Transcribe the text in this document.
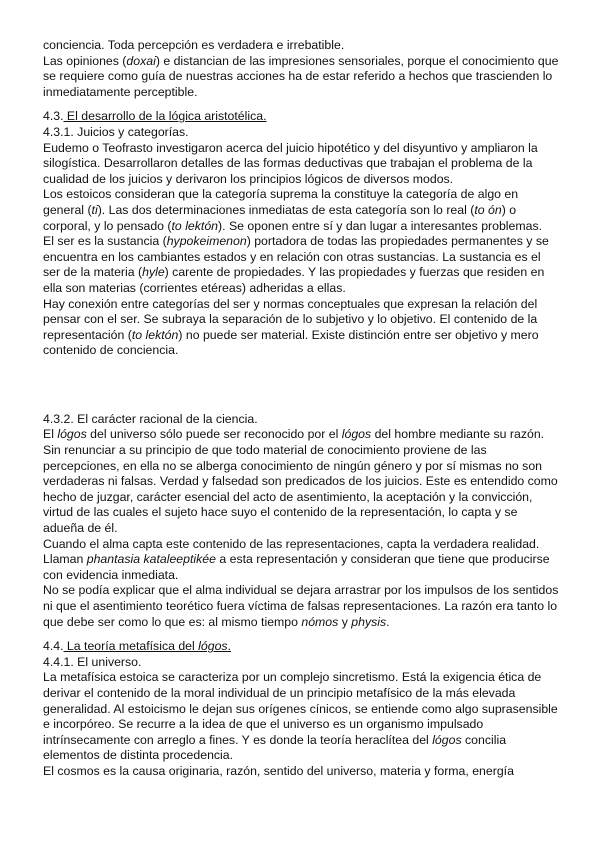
conciencia. Toda percepción es verdadera e irrebatible.

Las opiniones (doxai) e distancian de las impresiones sensoriales, porque el conocimiento que se requiere como guía de nuestras acciones ha de estar referido a hechos que trascienden lo inmediatamente perceptible.

4.3. El desarrollo de la lógica aristotélica.

4.3.1. Juicios y categorías.

Eudemo o Teofrasto investigaron acerca del juicio hipotético y del disyuntivo y ampliaron la silogística. Desarrollaron detalles de las formas deductivas que trabajan el problema de la cualidad de los juicios y derivaron los principios lógicos de diversos modos.

Los estoicos consideran que la categoría suprema la constituye la categoría de algo en general (ti). Las dos determinaciones inmediatas de esta categoría son lo real (to ón) o corporal, y lo pensado (to lektón). Se oponen entre sí y dan lugar a interesantes problemas.

El ser es la sustancia (hypokeimenon) portadora de todas las propiedades permanentes y se encuentra en los cambiantes estados y en relación con otras sustancias. La sustancia es el ser de la materia (hyle) carente de propiedades. Y las propiedades y fuerzas que residen en ella son materias (corrientes etéreas) adheridas a ellas.

Hay conexión entre categorías del ser y normas conceptuales que expresan la relación del pensar con el ser. Se subraya la separación de lo subjetivo y lo objetivo. El contenido de la representación (to lektón) no puede ser material. Existe distinción entre ser objetivo y mero contenido de conciencia.

4.3.2. El carácter racional de la ciencia.

El lógos del universo sólo puede ser reconocido por el lógos del hombre mediante su razón. Sin renunciar a su principio de que todo material de conocimiento proviene de las percepciones, en ella no se alberga conocimiento de ningún género y por sí mismas no son verdaderas ni falsas. Verdad y falsedad son predicados de los juicios. Este es entendido como hecho de juzgar, carácter esencial del acto de asentimiento, la aceptación y la convicción, virtud de las cuales el sujeto hace suyo el contenido de la representación, lo capta y se adueña de él.

Cuando el alma capta este contenido de las representaciones, capta la verdadera realidad. Llaman phantasia kataleeptikée a esta representación y consideran que tiene que producirse con evidencia inmediata.

No se podía explicar que el alma individual se dejara arrastrar por los impulsos de los sentidos ni que el asentimiento teorético fuera víctima de falsas representaciones. La razón era tanto lo que debe ser como lo que es: al mismo tiempo nómos y physis.

4.4. La teoría metafísica del lógos.

4.4.1. El universo.

La metafísica estoica se caracteriza por un complejo sincretismo. Está la exigencia ética de derivar el contenido de la moral individual de un principio metafísico de la más elevada generalidad. Al estoicismo le dejan sus orígenes cínicos, se entiende como algo suprasensible e incorpóreo. Se recurre a la idea de que el universo es un organismo impulsado intrínsecamente con arreglo a fines. Y es donde la teoría heraclítea del lógos concilia elementos de distinta procedencia.

El cosmos es la causa originaria, razón, sentido del universo, materia y forma, energía
